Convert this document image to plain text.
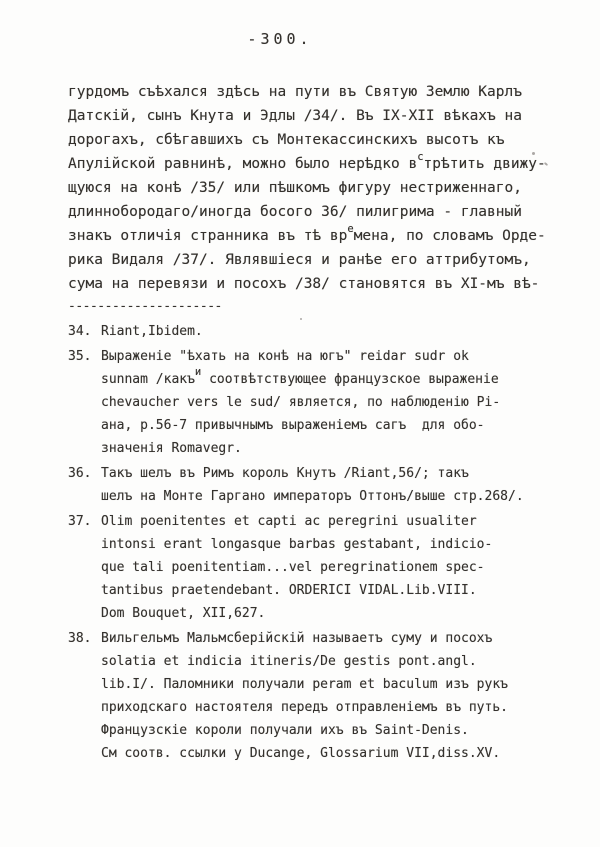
-300.
гурдомъ съѣхался здѣсь на пути въ Святую Землю Карлъ
Датскій, сынъ Кнута и Эдлы /34/. Въ IX-XII вѣкахъ на
дорогахъ, сбѣгавшихъ съ Монтекассинскихъ высотъ къ
Апулійской равнинѣ, можно было нерѣдко встрѣтить движу-
щуюся на конѣ /35/ или пѣшкомъ фигуру нестриженнаго,
длиннобородаго/иногда босого 36/ пилигрима - главный
знакъ отличія странника въ тѣ времена, по словамъ Орде-
рика Видаля /37/. Являвшіеся и ранѣе его аттрибутомъ,
сума на перевязи и посохъ /38/ становятся въ XI-мъ вѣ-
---------------------
34. Riant,Ibidem.
35. Выраженіе "ѣхать на конѣ на югъ" reidar sudr ok
sunnam /какъи соотвѣтствующее французское выраженіе
chevaucher vers le sud/ является, по наблюденію Рі-
ана, p.56-7 привычнымъ выраженіемъ сагъ  для обо-
значенія Romavegr.
36. Такъ шелъ въ Римъ король Кнутъ /Riant,56/; такъ
шелъ на Монте Гаргано императоръ Оттонъ/выше стр.268/.
37. Olim poenitentes et capti ac peregrini usualiter
intonsi erant longasque barbas gestabant, indicio-
que tali poenitentiam...vel peregrinationem spec-
tantibus praetendebant. ORDERICI VIDAL.Lib.VIII.
Dom Bouquet, XII,627.
38. Вильгельмъ Мальмсберійскій называетъ суму и посохъ
solatia et indicia itineris/De gestis pont.angl.
lib.I/. Паломники получали peram et baculum изъ рукъ
приходскаго настоятеля передъ отправленіемъ въ путь.
Французскіе короли получали ихъ въ Saint-Denis.
См соотв. ссылки у Ducange, Glossarium VII,diss.XV.
